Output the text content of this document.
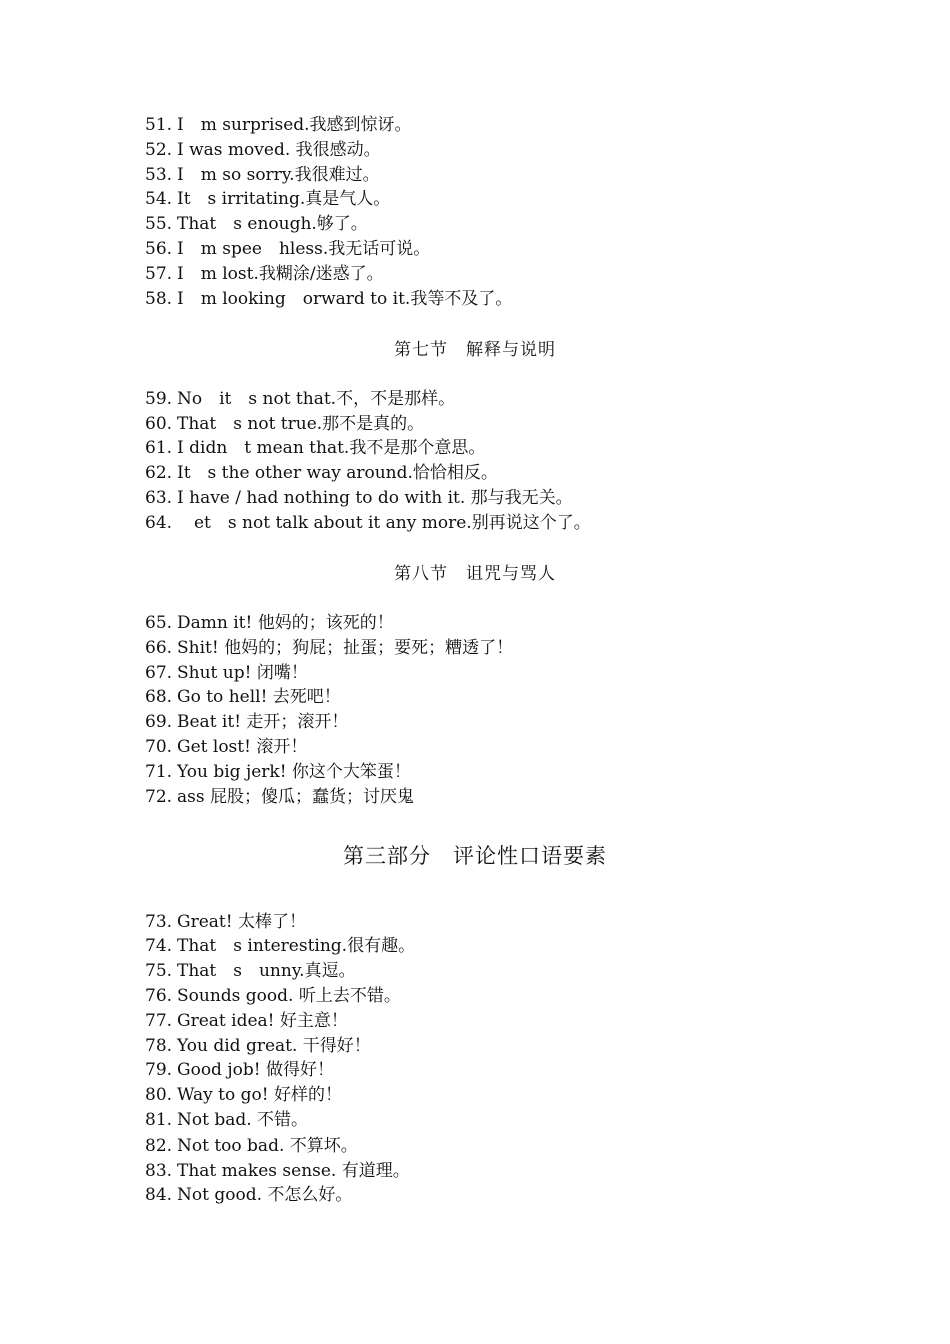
51. I　m surprised.我感到惊讶。
52. I was moved. 我很感动。
53. I　m so sorry.我很难过。
54. It　s irritating.真是气人。
55. That　s enough.够了。
56. I　m spee　hless.我无话可说。
57. I　m lost.我糊涂/迷惑了。
58. I　m looking　orward to it.我等不及了。
第七节　解释与说明
59. No　it　s not that.不，不是那样。
60. That　s not true.那不是真的。
61. I didn　t mean that.我不是那个意思。
62. It　s the other way around.恰恰相反。
63. I have / had nothing to do with it. 那与我无关。
64.　et　s not talk about it any more.别再说这个了。
第八节　诅咒与骂人
65. Damn it! 他妈的；该死的！
66. Shit! 他妈的；狗屁；扯蛋；要死；糟透了！
67. Shut up! 闭嘴！
68. Go to hell! 去死吧！
69. Beat it! 走开；滚开！
70. Get lost! 滚开！
71. You big jerk! 你这个大笨蛋！
72. ass 屁股；傻瓜；蠢货；讨厌鬼
第三部分　评论性口语要素
73. Great! 太棒了！
74. That　s interesting.很有趣。
75. That　s　unny.真逗。
76. Sounds good. 听上去不错。
77. Great idea! 好主意！
78. You did great. 干得好！
79. Good job! 做得好！
80. Way to go! 好样的！
81. Not bad. 不错。
82. Not too bad. 不算坏。
83. That makes sense. 有道理。
84. Not good. 不怎么好。
